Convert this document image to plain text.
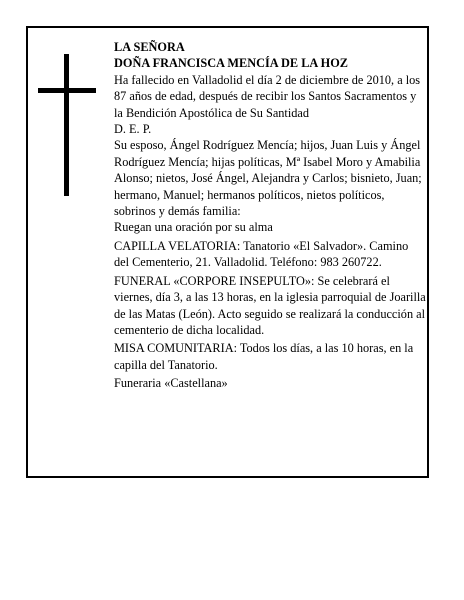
LA SEÑORA

DOÑA FRANCISCA MENCÍA DE LA HOZ

Ha fallecido en Valladolid el día 2 de diciembre de 2010, a los 87 años de edad, después de recibir los Santos Sacramentos y la Bendición Apostólica de Su Santidad

D. E. P.

Su esposo, Ángel Rodríguez Mencía; hijos, Juan Luis y Ángel Rodríguez Mencía; hijas políticas, Mª Isabel Moro y Amabilia Alonso; nietos, José Ángel, Alejandra y Carlos; bisnieto, Juan; hermano, Manuel; hermanos políticos, nietos políticos, sobrinos y demás familia:

Ruegan una oración por su alma

CAPILLA VELATORIA: Tanatorio «El Salvador». Camino del Cementerio, 21. Valladolid. Teléfono: 983 260722.

FUNERAL «CORPORE INSEPULTO»: Se celebrará el viernes, día 3, a las 13 horas, en la iglesia parroquial de Joarilla de las Matas (León). Acto seguido se realizará la conducción al cementerio de dicha localidad.

MISA COMUNITARIA: Todos los días, a las 10 horas, en la capilla del Tanatorio.

Funeraria «Castellana»
